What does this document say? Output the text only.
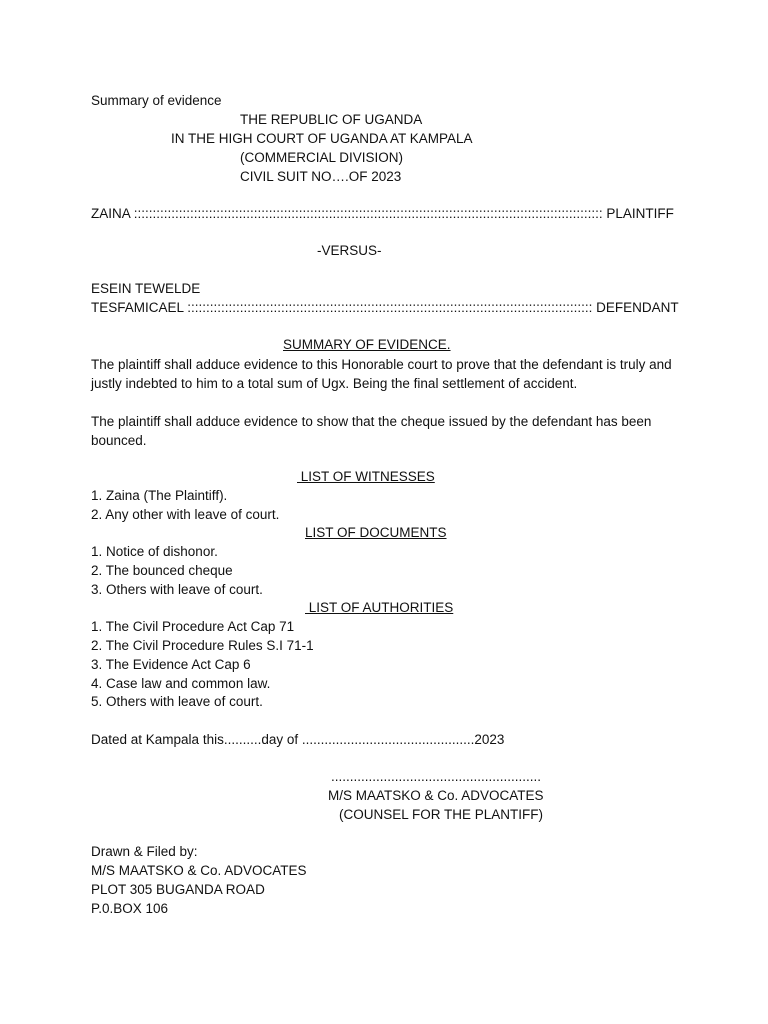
Summary of evidence
THE REPUBLIC OF UGANDA
IN THE HIGH COURT OF UGANDA AT KAMPALA
(COMMERCIAL DIVISION)
CIVIL SUIT NO….OF 2023
ZAINA ::::::::::::::::::::::::::::::::::::::::::::::::::::::::::::::::::::::::::::::::::::::::::::::::::::::::::::::::::::::::::::: PLAINTIFF
-VERSUS-
ESEIN TEWELDE
TESFAMICAEL :::::::::::::::::::::::::::::::::::::::::::::::::::::::::::::::::::::::::::::::::::::::::::::::::::::::::::: DEFENDANT
SUMMARY OF EVIDENCE.
The plaintiff shall adduce evidence to this Honorable court to prove that the defendant is truly and justly indebted to him to a total sum of Ugx. Being the final settlement of accident.
The plaintiff shall adduce evidence to show that the cheque issued by the defendant has been bounced.
LIST OF WITNESSES
1. Zaina (The Plaintiff).
2. Any other with leave of court.
LIST OF DOCUMENTS
1. Notice of dishonor.
2. The bounced cheque
3. Others with leave of court.
LIST OF AUTHORITIES
1. The Civil Procedure Act Cap 71
2. The Civil Procedure Rules S.I 71-1
3. The Evidence Act Cap 6
4. Case law and common law.
5. Others with leave of court.
Dated at Kampala this..........day of ..............................................2023
........................................................
M/S MAATSKO & Co. ADVOCATES
(COUNSEL FOR THE PLANTIFF)
Drawn & Filed by:
M/S MAATSKO & Co. ADVOCATES
PLOT 305 BUGANDA ROAD
P.0.BOX 106
